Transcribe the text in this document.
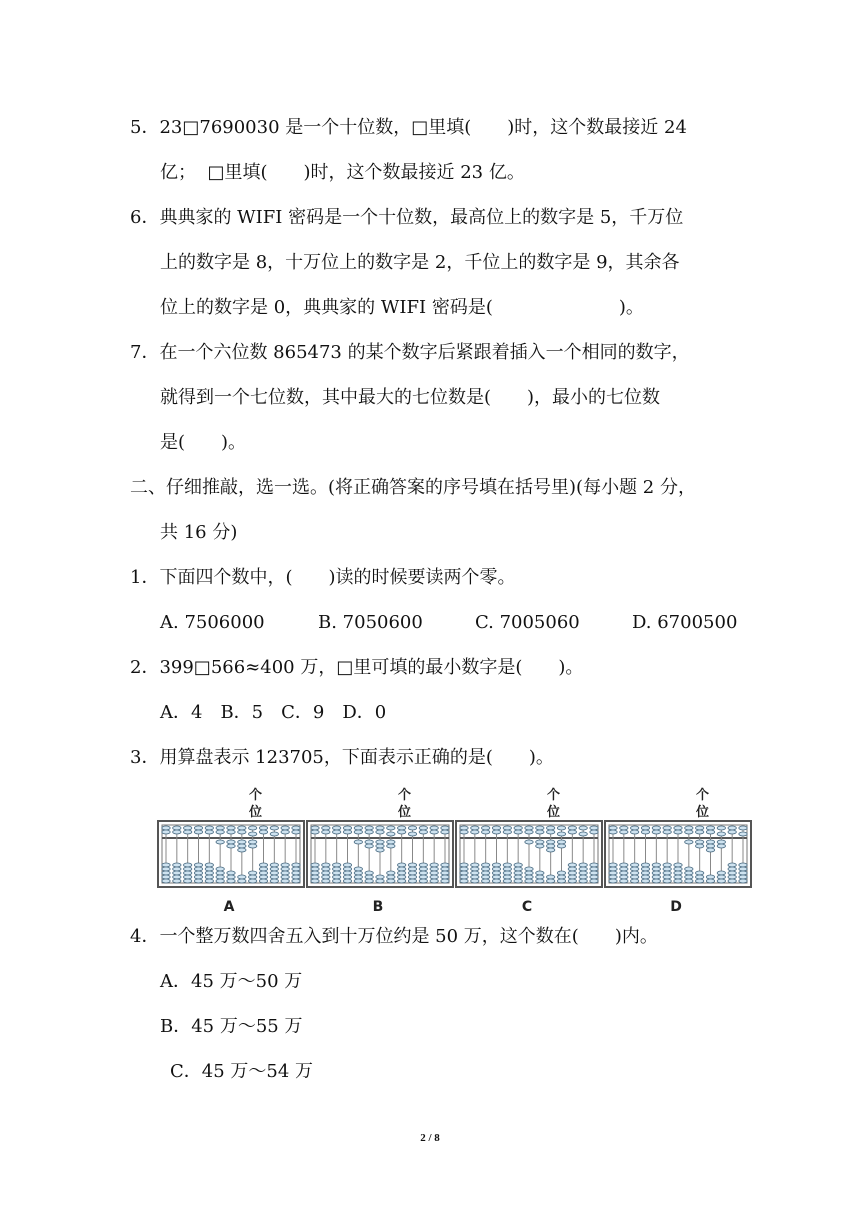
5．23□7690030 是一个十位数，□里填(　　)时，这个数最接近 24
亿；  □里填(　　)时，这个数最接近 23 亿。
6．典典家的 WIFI 密码是一个十位数，最高位上的数字是 5，千万位
上的数字是 8，十万位上的数字是 2，千位上的数字是 9，其余各
位上的数字是 0，典典家的 WIFI 密码是(　　　　　　　)。
7．在一个六位数 865473 的某个数字后紧跟着插入一个相同的数字，
就得到一个七位数，其中最大的七位数是(　　)，最小的七位数
是(　　)。
二、仔细推敲，选一选。(将正确答案的序号填在括号里)(每小题 2 分，
共 16 分)
1．下面四个数中，(　　)读的时候要读两个零。
A. 7506000	B. 7050600	C. 7005060	D. 6700500
2．399□566≈400 万，□里可填的最小数字是(　　)。
A．4　B．5　C．9　D．0
3．用算盘表示 123705，下面表示正确的是(　　)。
个
位
A
个
位
B
个
位
C
个
位
D
4．一个整万数四舍五入到十万位约是 50 万，这个数在(　　)内。
A．45 万～50 万
B．45 万～55 万
C．45 万～54 万
2 / 8
